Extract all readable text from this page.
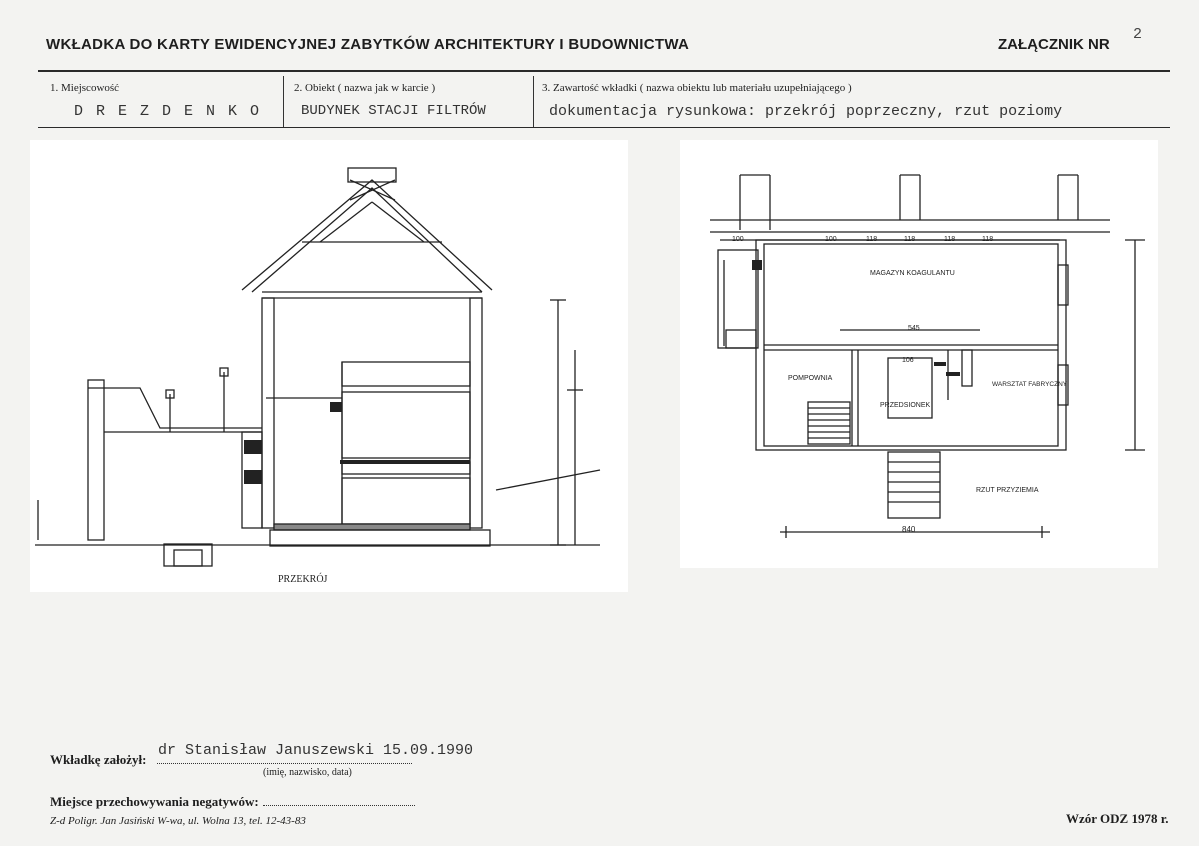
WKŁADKA DO KARTY EWIDENCYJNEJ ZABYTKÓW ARCHITEKTURY I BUDOWNICTWA	ZAŁĄCZNIK NR
2
1. Miejscowość
D R E Z D E N K O
2. Obiekt ( nazwa jak w karcie )
BUDYNEK STACJI FILTRÓW
3. Zawartość wkładki ( nazwa obiektu lub materiału uzupełniającego )
dokumentacja rysunkowa: przekrój poprzeczny, rzut poziomy
PRZEKRÓJ
100
100	118	118	118	118
MAGAZYN KOAGULANTU
545
POMPOWNIA
PRZEDSIONEK
WARSZTAT FABRYCZNY
106
840
RZUT PRZYZIEMIA
Wkładkę założył:
dr Stanisław Januszewski 15.09.1990
(imię, nazwisko, data)
Miejsce przechowywania negatywów:
Z-d Poligr. Jan Jasiński W-wa, ul. Wolna 13, tel. 12-43-83	Wzór ODZ 1978 r.
